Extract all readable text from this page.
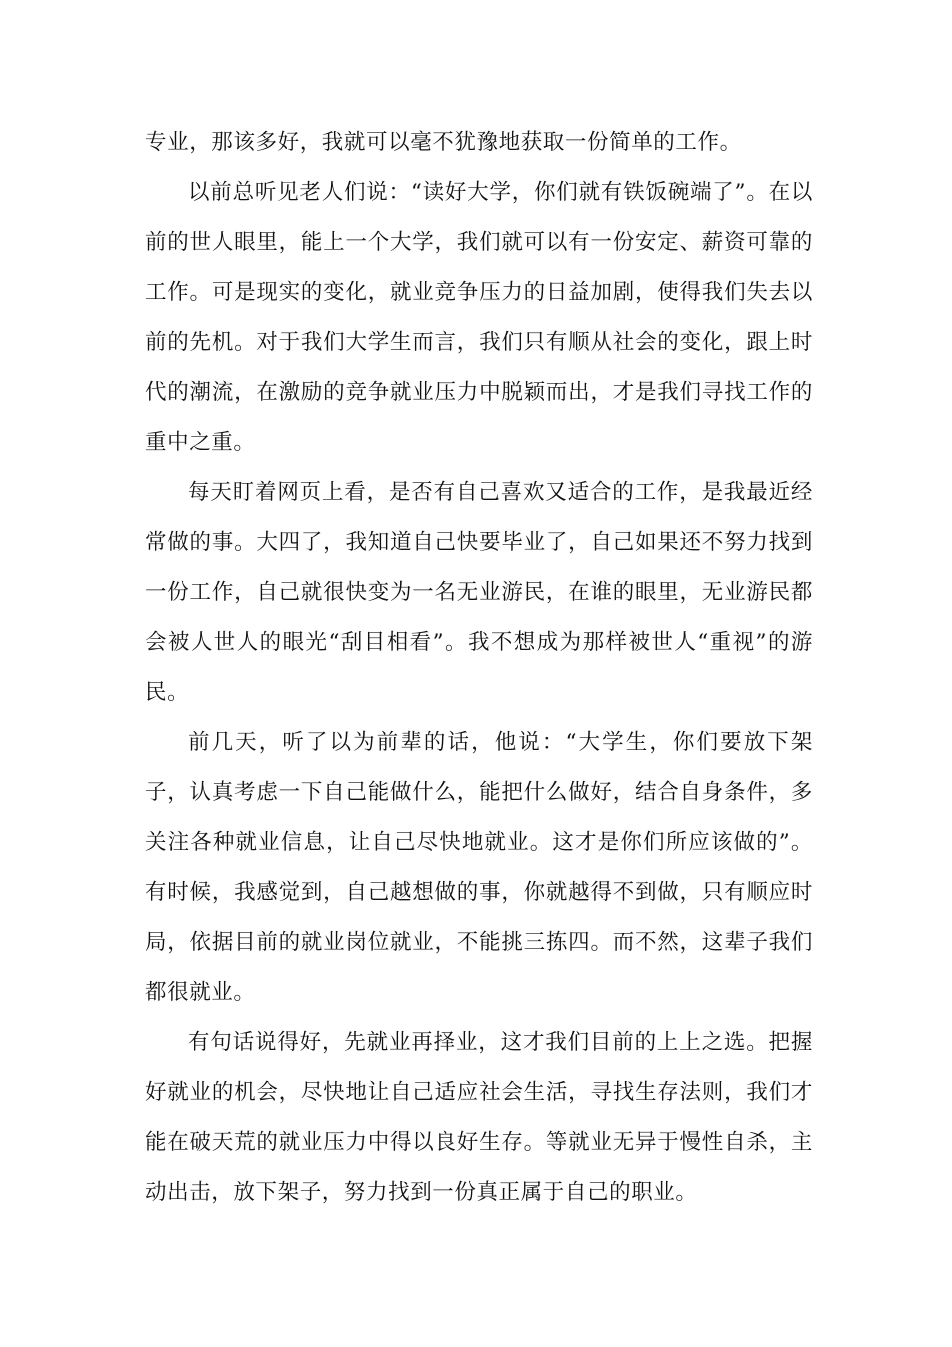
专业，那该多好，我就可以毫不犹豫地获取一份简单的工作。

以前总听见老人们说：“读好大学，你们就有铁饭碗端了”。在以前的世人眼里，能上一个大学，我们就可以有一份安定、薪资可靠的工作。可是现实的变化，就业竞争压力的日益加剧，使得我们失去以前的先机。对于我们大学生而言，我们只有顺从社会的变化，跟上时代的潮流，在激励的竞争就业压力中脱颖而出，才是我们寻找工作的重中之重。

每天盯着网页上看，是否有自己喜欢又适合的工作，是我最近经常做的事。大四了，我知道自己快要毕业了，自己如果还不努力找到一份工作，自己就很快变为一名无业游民，在谁的眼里，无业游民都会被人世人的眼光“刮目相看”。我不想成为那样被世人“重视”的游民。

前几天，听了以为前辈的话，他说：“大学生，你们要放下架子，认真考虑一下自己能做什么，能把什么做好，结合自身条件，多关注各种就业信息，让自己尽快地就业。这才是你们所应该做的”。有时候，我感觉到，自己越想做的事，你就越得不到做，只有顺应时局，依据目前的就业岗位就业，不能挑三拣四。而不然，这辈子我们都很就业。

有句话说得好，先就业再择业，这才我们目前的上上之选。把握好就业的机会，尽快地让自己适应社会生活，寻找生存法则，我们才能在破天荒的就业压力中得以良好生存。等就业无异于慢性自杀，主动出击，放下架子，努力找到一份真正属于自己的职业。
